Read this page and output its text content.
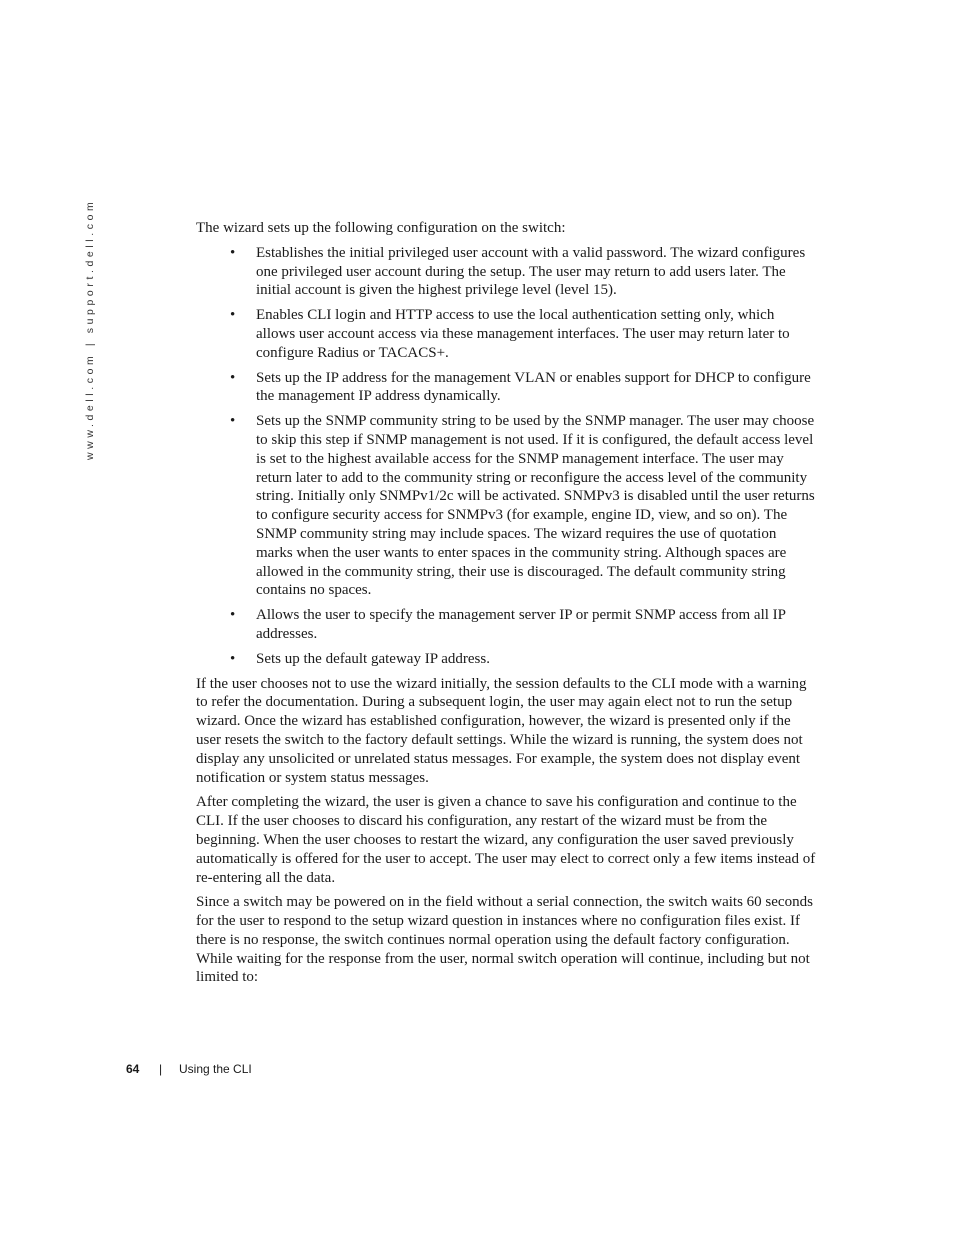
www.dell.com | support.dell.com	The wizard sets up the following configuration on the switch:

• Establishes the initial privileged user account with a valid password. The wizard configures one privileged user account during the setup. The user may return to add users later. The initial account is given the highest privilege level (level 15).
• Enables CLI login and HTTP access to use the local authentication setting only, which allows user account access via these management interfaces. The user may return later to configure Radius or TACACS+.
• Sets up the IP address for the management VLAN or enables support for DHCP to configure the management IP address dynamically.
• Sets up the SNMP community string to be used by the SNMP manager. The user may choose to skip this step if SNMP management is not used. If it is configured, the default access level is set to the highest available access for the SNMP management interface. The user may return later to add to the community string or reconfigure the access level of the community string. Initially only SNMPv1/2c will be activated. SNMPv3 is disabled until the user returns to configure security access for SNMPv3 (for example, engine ID, view, and so on). The SNMP community string may include spaces. The wizard requires the use of quotation marks when the user wants to enter spaces in the community string. Although spaces are allowed in the community string, their use is discouraged. The default community string contains no spaces.
• Allows the user to specify the management server IP or permit SNMP access from all IP addresses.
• Sets up the default gateway IP address.

If the user chooses not to use the wizard initially, the session defaults to the CLI mode with a warning to refer the documentation. During a subsequent login, the user may again elect not to run the setup wizard. Once the wizard has established configuration, however, the wizard is presented only if the user resets the switch to the factory default settings. While the wizard is running, the system does not display any unsolicited or unrelated status messages. For example, the system does not display event notification or system status messages.

After completing the wizard, the user is given a chance to save his configuration and continue to the CLI. If the user chooses to discard his configuration, any restart of the wizard must be from the beginning. When the user chooses to restart the wizard, any configuration the user saved previously automatically is offered for the user to accept. The user may elect to correct only a few items instead of re-entering all the data.

Since a switch may be powered on in the field without a serial connection, the switch waits 60 seconds for the user to respond to the setup wizard question in instances where no configuration files exist. If there is no response, the switch continues normal operation using the default factory configuration. While waiting for the response from the user, normal switch operation will continue, including but not limited to:

64 | Using the CLI
